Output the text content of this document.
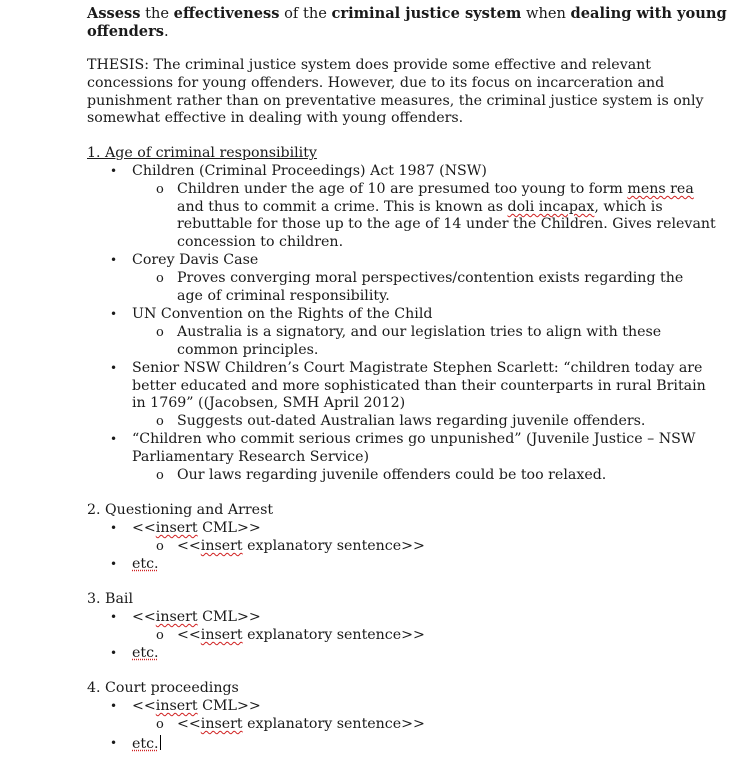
Assess the effectiveness of the criminal justice system when dealing with young
offenders.
THESIS: The criminal justice system does provide some effective and relevant
concessions for young offenders. However, due to its focus on incarceration and
punishment rather than on preventative measures, the criminal justice system is only
somewhat effective in dealing with young offenders.
1. Age of criminal responsibility
• Children (Criminal Proceedings) Act 1987 (NSW)
o Children under the age of 10 are presumed too young to form mens rea
and thus to commit a crime. This is known as doli incapax, which is
rebuttable for those up to the age of 14 under the Children. Gives relevant
concession to children.
• Corey Davis Case
o Proves converging moral perspectives/contention exists regarding the
age of criminal responsibility.
• UN Convention on the Rights of the Child
o Australia is a signatory, and our legislation tries to align with these
common principles.
• Senior NSW Children’s Court Magistrate Stephen Scarlett: “children today are
better educated and more sophisticated than their counterparts in rural Britain
in 1769” ((Jacobsen, SMH April 2012)
o Suggests out-dated Australian laws regarding juvenile offenders.
• “Children who commit serious crimes go unpunished” (Juvenile Justice – NSW
Parliamentary Research Service)
o Our laws regarding juvenile offenders could be too relaxed.
2. Questioning and Arrest
• <<insert CML>>
o <<insert explanatory sentence>>
• etc.
3. Bail
• <<insert CML>>
o <<insert explanatory sentence>>
• etc.
4. Court proceedings
• <<insert CML>>
o <<insert explanatory sentence>>
• etc.
